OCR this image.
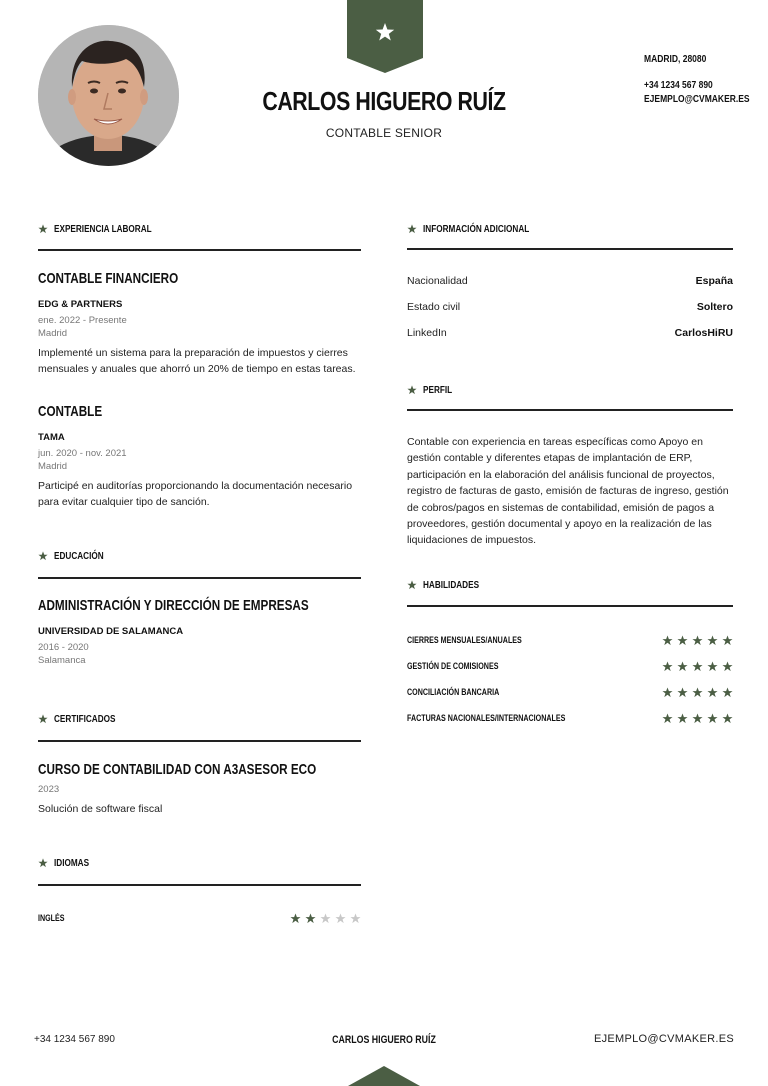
CARLOS HIGUERO RUÍZ
CONTABLE SENIOR
MADRID, 28080
+34 1234 567 890
EJEMPLO@CVMAKER.ES
EXPERIENCIA LABORAL
CONTABLE FINANCIERO
EDG & PARTNERS
ene. 2022 - Presente
Madrid
Implementé un sistema para la preparación de impuestos y cierres mensuales y anuales que ahorró un 20% de tiempo en estas tareas.
CONTABLE
TAMA
jun. 2020 - nov. 2021
Madrid
Participé en auditorías proporcionando la documentación necesario para evitar cualquier tipo de sanción.
EDUCACIÓN
ADMINISTRACIÓN Y DIRECCIÓN DE EMPRESAS
UNIVERSIDAD DE SALAMANCA
2016 - 2020
Salamanca
CERTIFICADOS
CURSO DE CONTABILIDAD CON A3ASESOR ECO
2023
Solución de software fiscal
IDIOMAS
INGLÉS
INFORMACIÓN ADICIONAL
Nacionalidad	España
Estado civil	Soltero
LinkedIn	CarlosHiRU
PERFIL
Contable con experiencia en tareas específicas como Apoyo en gestión contable y diferentes etapas de implantación de ERP, participación en la elaboración del análisis funcional de proyectos, registro de facturas de gasto, emisión de facturas de ingreso, gestión de cobros/pagos en sistemas de contabilidad, emisión de pagos a proveedores, gestión documental y apoyo en la realización de las liquidaciones de impuestos.
HABILIDADES
CIERRES MENSUALES/ANUALES
GESTIÓN DE COMISIONES
CONCILIACIÓN BANCARIA
FACTURAS NACIONALES/INTERNACIONALES
+34 1234 567 890	CARLOS HIGUERO RUÍZ	EJEMPLO@CVMAKER.ES
